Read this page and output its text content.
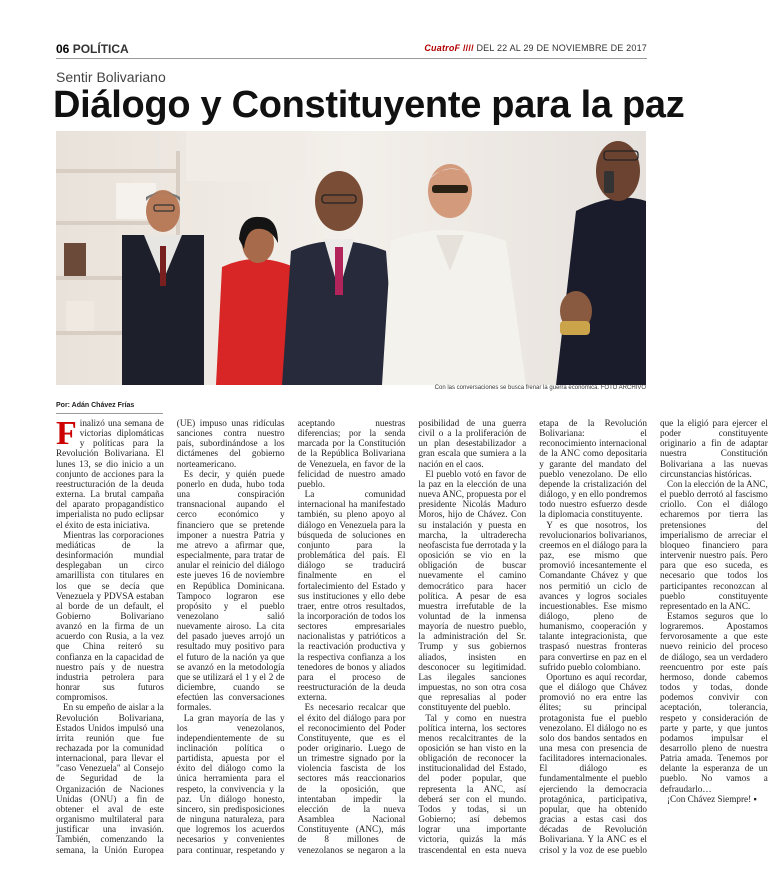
06 POLÍTICA	CuatroF //// DEL 22 AL 29 DE NOVIEMBRE DE 2017
Sentir Bolivariano
Diálogo y Constituyente para la paz
Con las conversaciones se busca frenar la guerra económica. FOTO ARCHIVO
Por: Adán Chávez Frías

Finalizó una semana de victorias diplomáticas y políticas para la Revolución Bolivariana. El lunes 13, se dio inicio a un conjunto de acciones para la reestructuración de la deuda externa. La brutal campaña del aparato propagandístico imperialista no pudo eclipsar el éxito de esta iniciativa.

Mientras las corporaciones mediáticas de la desinformación mundial desplegaban un circo amarillista con titulares en los que se decía que Venezuela y PDVSA estaban al borde de un default, el Gobierno Bolivariano avanzó en la firma de un acuerdo con Rusia, a la vez que China reiteró su confianza en la capacidad de nuestro país y de nuestra industria petrolera para honrar sus futuros compromisos.

En su empeño de aislar a la Revolución Bolivariana, Estados Unidos impulsó una írrita reunión que fue rechazada por la comunidad internacional, para llevar el "caso Venezuela" al Consejo de Seguridad de la Organización de Naciones Unidas (ONU) a fin de obtener el aval de este organismo multilateral para justificar una invasión. También, comenzando la semana, la Unión Europea (UE) impuso unas ridículas sanciones contra nuestro país, subordinándose a los dictámenes del gobierno norteamericano.

Es decir, y quién puede ponerlo en duda, hubo toda una conspiración transnacional aupando el cerco económico y financiero que se pretende imponer a nuestra Patria y me atrevo a afirmar que, especialmente, para tratar de anular el reinicio del diálogo este jueves 16 de noviembre en República Dominicana. Tampoco lograron ese propósito y el pueblo venezolano salió nuevamente airoso. La cita del pasado jueves arrojó un resultado muy positivo para el futuro de la nación ya que se avanzó en la metodología que se utilizará el 1 y el 2 de diciembre, cuando se efectúen las conversaciones formales.

La gran mayoría de las y los venezolanos, independientemente de su inclinación política o partidista, apuesta por el éxito del diálogo como la única herramienta para el respeto, la convivencia y la paz. Un diálogo honesto, sincero, sin predisposiciones de ninguna naturaleza, para que logremos los acuerdos necesarios y convenientes para continuar, respetando y aceptando nuestras diferencias; por la senda marcada por la Constitución de la República Bolivariana de Venezuela, en favor de la felicidad de nuestro amado pueblo.

La comunidad internacional ha manifestado también, su pleno apoyo al diálogo en Venezuela para la búsqueda de soluciones en conjunto para la problemática del país. El diálogo se traducirá finalmente en el fortalecimiento del Estado y sus instituciones y ello debe traer, entre otros resultados, la incorporación de todos los sectores empresariales nacionalistas y patrióticos a la reactivación productiva y la respectiva confianza a los tenedores de bonos y aliados para el proceso de reestructuración de la deuda externa.

Es necesario recalcar que el éxito del diálogo para por el reconocimiento del Poder Constituyente, que es el poder originario. Luego de un trimestre signado por la violencia fascista de los sectores más reaccionarios de la oposición, que intentaban impedir la elección de la nueva Asamblea Nacional Constituyente (ANC), más de 8 millones de venezolanos se negaron a la posibilidad de una guerra civil o a la proliferación de un plan desestabilizador a gran escala que sumiera a la nación en el caos.

El pueblo votó en favor de la paz en la elección de una nueva ANC, propuesta por el presidente Nicolás Maduro Moros, hijo de Chávez. Con su instalación y puesta en marcha, la ultraderecha neofascista fue derrotada y la oposición se vio en la obligación de buscar nuevamente el camino democrático para hacer política. A pesar de esa muestra irrefutable de la voluntad de la inmensa mayoría de nuestro pueblo, la administración del Sr. Trump y sus gobiernos aliados, insisten en desconocer su legitimidad. Las ilegales sanciones impuestas, no son otra cosa que represalias al poder constituyente del pueblo.

Tal y como en nuestra política interna, los sectores menos recalcitrantes de la oposición se han visto en la obligación de reconocer la institucionalidad del Estado, del poder popular, que representa la ANC, así deberá ser con el mundo. Todos y todas, si un Gobierno; así debemos lograr una importante victoria, quizás la más trascendental en esta nueva etapa de la Revolución Bolivariana: el reconocimiento internacional de la ANC como depositaria y garante del mandato del pueblo venezolano. De ello depende la cristalización del diálogo, y en ello pondremos todo nuestro esfuerzo desde la diplomacia constituyente.

Y es que nosotros, los revolucionarios bolivarianos, creemos en el diálogo para la paz, ese mismo que promovió incesantemente el Comandante Chávez y que nos permitió un ciclo de avances y logros sociales incuestionables. Ese mismo diálogo, pleno de humanismo, cooperación y talante integracionista, que traspasó nuestras fronteras para convertirse en paz en el sufrido pueblo colombiano.

Oportuno es aquí recordar, que el diálogo que Chávez promovió no era entre las élites; su principal protagonista fue el pueblo venezolano. El diálogo no es solo dos bandos sentados en una mesa con presencia de facilitadores internacionales. El diálogo es fundamentalmente el pueblo ejerciendo la democracia protagónica, participativa, popular, que ha obtenido gracias a estas casi dos décadas de Revolución Bolivariana. Y la ANC es el crisol y la voz de ese pueblo que la eligió para ejercer el poder constituyente originario a fin de adaptar nuestra Constitución Bolivariana a las nuevas circunstancias históricas.

Con la elección de la ANC, el pueblo derrotó al fascismo criollo. Con el diálogo echaremos por tierra las pretensiones del imperialismo de arreciar el bloqueo financiero para intervenir nuestro país. Pero para que eso suceda, es necesario que todos los participantes reconozcan al pueblo constituyente representado en la ANC.

Estamos seguros que lo lograremos. Apostamos fervorosamente a que este nuevo reinicio del proceso de diálogo, sea un verdadero reencuentro por este país hermoso, donde cabemos todos y todas, donde podemos convivir con aceptación, tolerancia, respeto y consideración de parte y parte, y que juntos podamos impulsar el desarrollo pleno de nuestra Patria amada. Tenemos por delante la esperanza de un pueblo. No vamos a defraudarlo…

¡Con Chávez Siempre! ▪
